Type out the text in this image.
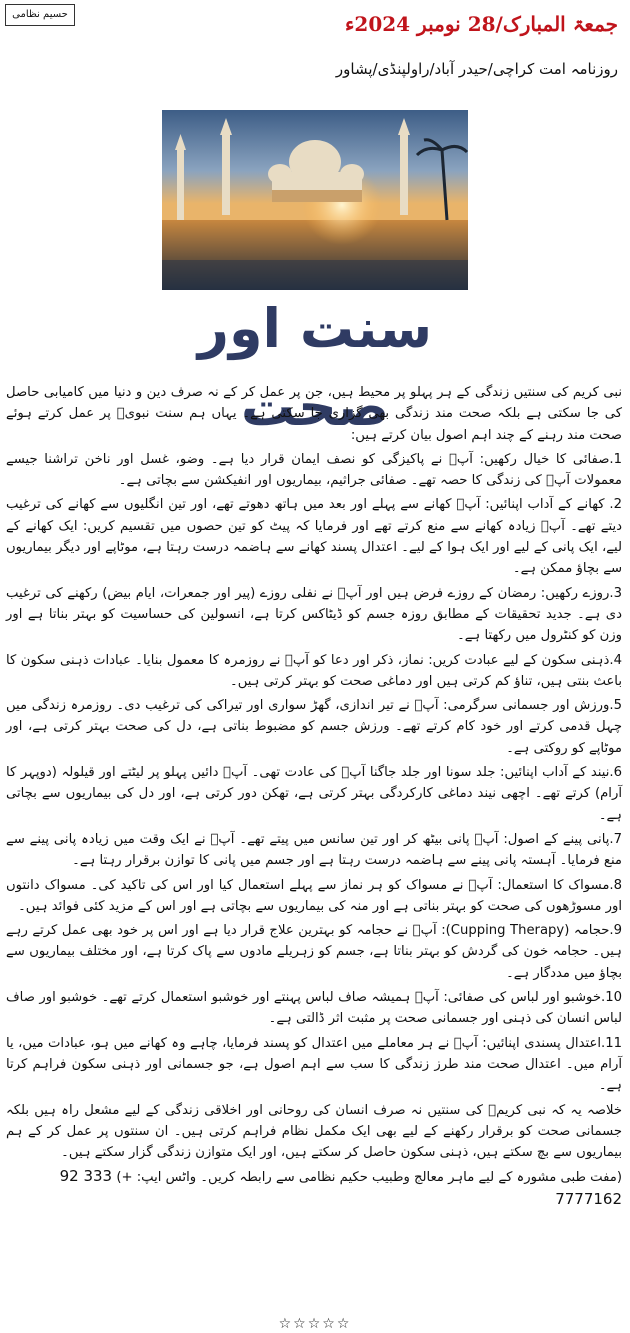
حسیم نظامی	جمعۃ المبارک/28 نومبر 2024ء
روزنامہ امت کراچی/حیدر آباد/راولپنڈی/پشاور
سنت اور صحت

نبی کریم کی سنتیں زندگی کے ہر پہلو پر محیط ہیں، جن پر عمل کر کے نہ صرف دین و دنیا میں کامیابی حاصل کی جا سکتی ہے بلکہ صحت مند زندگی بھی گزاری جا سکتی ہے۔ یہاں ہم سنت نبویؐ پر عمل کرتے ہوئے صحت مند رہنے کے چند اہم اصول بیان کرتے ہیں:

1.صفائی کا خیال رکھیں: آپؐ نے پاکیزگی کو نصف ایمان قرار دیا ہے۔ وضو، غسل اور ناخن تراشنا جیسے معمولات آپؐ کی زندگی کا حصہ تھے۔ صفائی جراثیم، بیماریوں اور انفیکشن سے بچاتی ہے۔

2. کھانے کے آداب اپنائیں: آپؐ کھانے سے پہلے اور بعد میں ہاتھ دھوتے تھے، اور تین انگلیوں سے کھانے کی ترغیب دیتے تھے۔ آپؐ زیادہ کھانے سے منع کرتے تھے اور فرمایا کہ پیٹ کو تین حصوں میں تقسیم کریں: ایک کھانے کے لیے، ایک پانی کے لیے اور ایک ہوا کے لیے۔ اعتدال پسند کھانے سے ہاضمہ درست رہتا ہے، موٹاپے اور دیگر بیماریوں سے بچاؤ ممکن ہے۔

3.روزے رکھیں: رمضان کے روزے فرض ہیں اور آپؐ نے نفلی روزے (پیر اور جمعرات، ایام بیض) رکھنے کی ترغیب دی ہے۔ جدید تحقیقات کے مطابق روزہ جسم کو ڈیٹاکس کرتا ہے، انسولین کی حساسیت کو بہتر بناتا ہے اور وزن کو کنٹرول میں رکھتا ہے۔

4.ذہنی سکون کے لیے عبادت کریں: نماز، ذکر اور دعا کو آپؐ نے روزمرہ کا معمول بنایا۔ عبادات ذہنی سکون کا باعث بنتی ہیں، تناؤ کم کرتی ہیں اور دماغی صحت کو بہتر کرتی ہیں۔

5.ورزش اور جسمانی سرگرمی: آپؐ نے تیر اندازی، گھڑ سواری اور تیراکی کی ترغیب دی۔ روزمرہ زندگی میں چہل قدمی کرتے اور خود کام کرتے تھے۔ ورزش جسم کو مضبوط بناتی ہے، دل کی صحت بہتر کرتی ہے، اور موٹاپے کو روکتی ہے۔

6.نیند کے آداب اپنائیں: جلد سونا اور جلد جاگنا آپؐ کی عادت تھی۔ آپؐ دائیں پہلو پر لیٹتے اور قیلولہ (دوپہر کا آرام) کرتے تھے۔ اچھی نیند دماغی کارکردگی بہتر کرتی ہے، تھکن دور کرتی ہے، اور دل کی بیماریوں سے بچاتی ہے۔

7.پانی پینے کے اصول: آپؐ پانی بیٹھ کر اور تین سانس میں پیتے تھے۔ آپؐ نے ایک وقت میں زیادہ پانی پینے سے منع فرمایا۔ آہستہ پانی پینے سے ہاضمہ درست رہتا ہے اور جسم میں پانی کا توازن برقرار رہتا ہے۔

8.مسواک کا استعمال: آپؐ نے مسواک کو ہر نماز سے پہلے استعمال کیا اور اس کی تاکید کی۔ مسواک دانتوں اور مسوڑھوں کی صحت کو بہتر بناتی ہے اور منہ کی بیماریوں سے بچاتی ہے اور اس کے مزید کئی فوائد ہیں۔

9.حجامہ (Cupping Therapy): آپؐ نے حجامہ کو بہترین علاج قرار دیا ہے اور اس پر خود بھی عمل کرتے رہے ہیں۔ حجامہ خون کی گردش کو بہتر بناتا ہے، جسم کو زہریلے مادوں سے پاک کرتا ہے، اور مختلف بیماریوں سے بچاؤ میں مددگار ہے۔

10.خوشبو اور لباس کی صفائی: آپؐ ہمیشہ صاف لباس پہنتے اور خوشبو استعمال کرتے تھے۔ خوشبو اور صاف لباس انسان کی ذہنی اور جسمانی صحت پر مثبت اثر ڈالتی ہے۔

11.اعتدال پسندی اپنائیں: آپؐ نے ہر معاملے میں اعتدال کو پسند فرمایا، چاہے وہ کھانے میں ہو، عبادات میں، یا آرام میں۔ اعتدال صحت مند طرز زندگی کا سب سے اہم اصول ہے، جو جسمانی اور ذہنی سکون فراہم کرتا ہے۔

خلاصہ یہ کہ نبی کریمؐ کی سنتیں نہ صرف انسان کی روحانی اور اخلاقی زندگی کے لیے مشعل راہ ہیں بلکہ جسمانی صحت کو برقرار رکھنے کے لیے بھی ایک مکمل نظام فراہم کرتی ہیں۔ ان سنتوں پر عمل کر کے ہم بیماریوں سے بچ سکتے ہیں، ذہنی سکون حاصل کر سکتے ہیں، اور ایک متوازن زندگی گزار سکتے ہیں۔

(مفت طبی مشورہ کے لیے ماہر معالج وطبیب حکیم نظامی سے رابطہ کریں۔ واٹس ایپ: +) 92 333 7777162

☆☆☆☆☆
